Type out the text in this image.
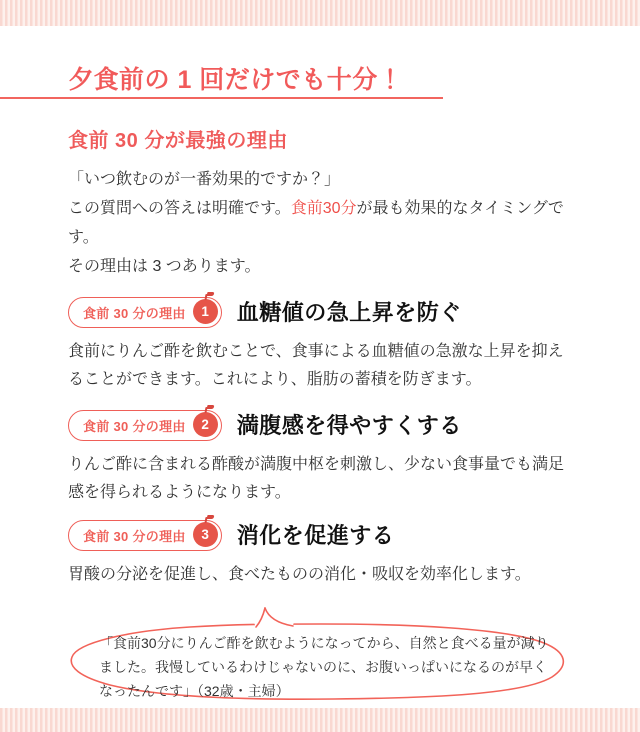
夕食前の 1 回だけでも十分！
食前 30 分が最強の理由
「いつ飲むのが一番効果的ですか？」
この質問への答えは明確です。食前30分が最も効果的なタイミングです。
その理由は 3 つあります。
食前 30 分の理由 1 血糖値の急上昇を防ぐ

食前にりんご酢を飲むことで、食事による血糖値の急激な上昇を抑えることができます。これにより、脂肪の蓄積を防ぎます。

食前 30 分の理由 2 満腹感を得やすくする

りんご酢に含まれる酢酸が満腹中枢を刺激し、少ない食事量でも満足感を得られるようになります。

食前 30 分の理由 3 消化を促進する

胃酸の分泌を促進し、食べたものの消化・吸収を効率化します。

「食前30分にりんご酢を飲むようになってから、自然と食べる量が減りました。我慢しているわけじゃないのに、お腹いっぱいになるのが早くなったんです」（32歳・主婦）
